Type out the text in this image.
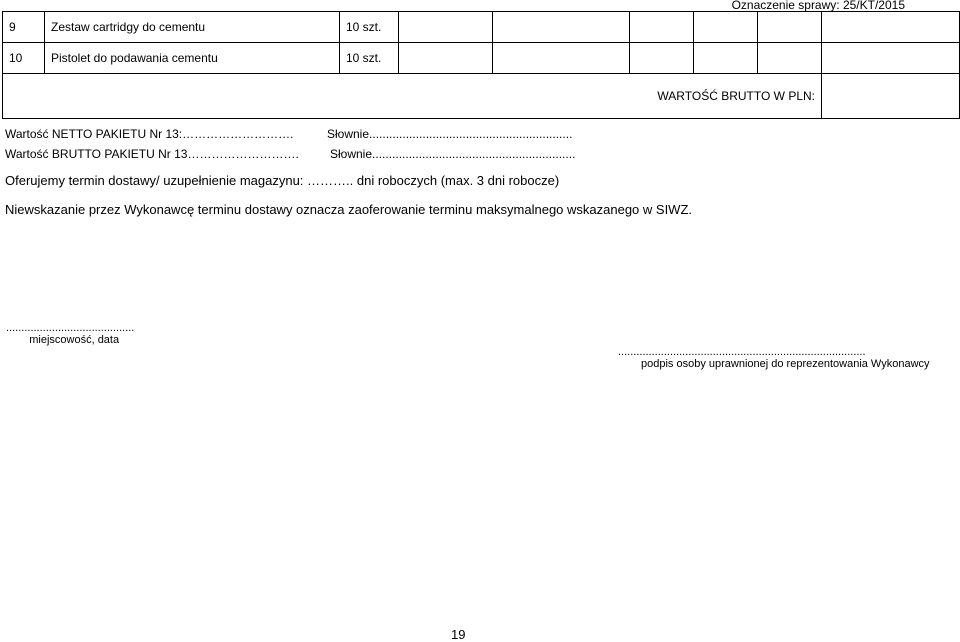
Oznaczenie sprawy: 25/KT/2015
9	Zestaw cartridgy do cementu	10 szt.						
10	Pistolet do podawania cementu	10 szt.						
WARTOŚĆ BRUTTO W PLN:								
Wartość NETTO PAKIETU Nr 13:……………………….	Słownie.............................................................
Wartość BRUTTO PAKIETU Nr 13……………………….	Słownie.............................................................
Oferujemy termin dostawy/ uzupełnienie magazynu: ……….. dni roboczych (max. 3 dni robocze)
Niewskazanie przez Wykonawcę terminu dostawy oznacza zaoferowanie terminu maksymalnego wskazanego w SIWZ.
..........................................
miejscowość, data
.................................................................................
podpis osoby uprawnionej do reprezentowania Wykonawcy
19
